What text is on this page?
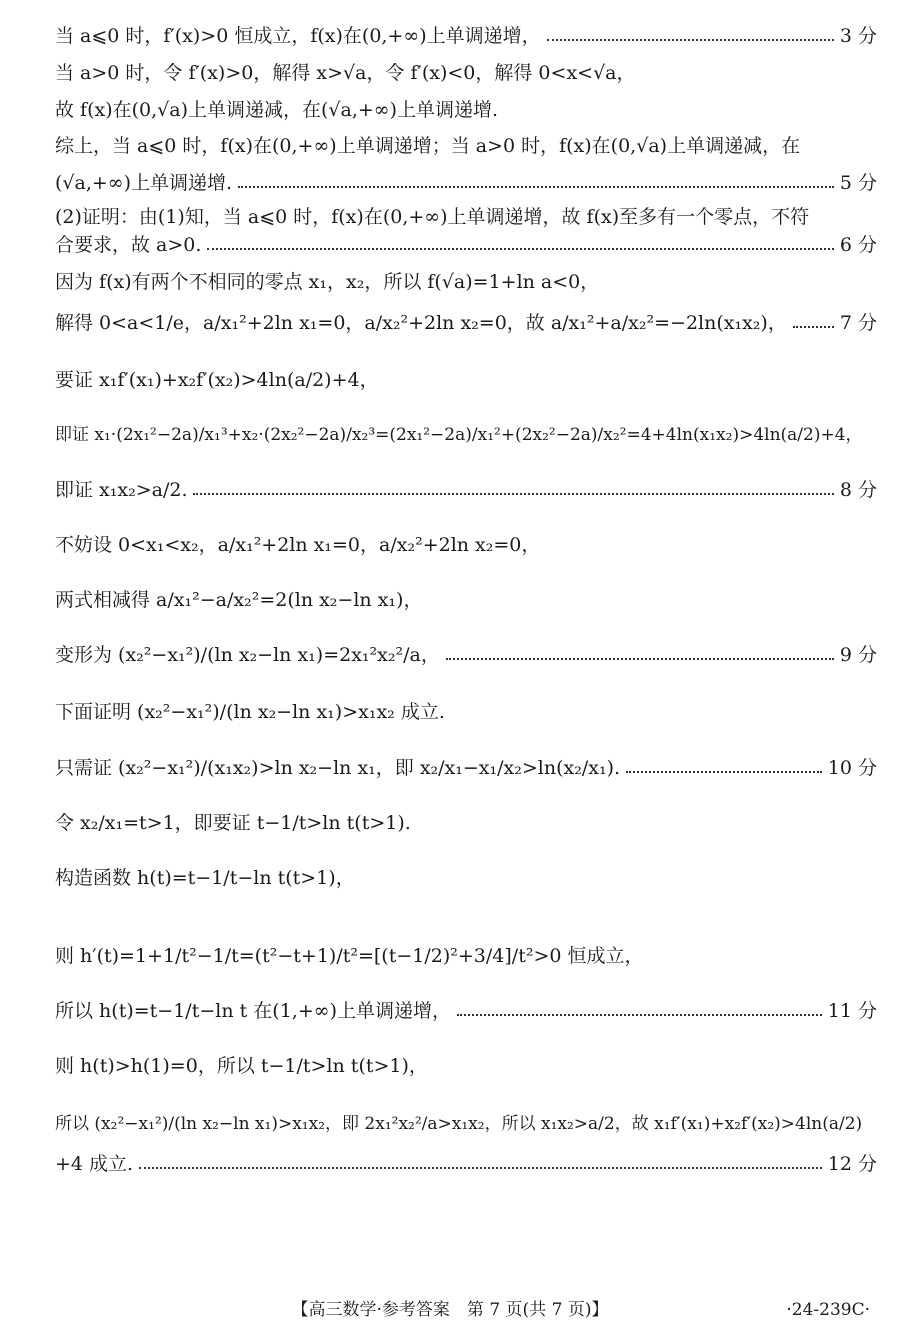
当 a⩽0 时，f′(x)>0 恒成立，f(x)在(0,+∞)上单调递增，	3 分
当 a>0 时，令 f′(x)>0，解得 x>√a，令 f′(x)<0，解得 0<x<√a，
故 f(x)在(0,√a)上单调递减，在(√a,+∞)上单调递增.
综上，当 a⩽0 时，f(x)在(0,+∞)上单调递增；当 a>0 时，f(x)在(0,√a)上单调递减，在
(√a,+∞)上单调递增.	5 分
(2)证明：由(1)知，当 a⩽0 时，f(x)在(0,+∞)上单调递增，故 f(x)至多有一个零点，不符
合要求，故 a>0.	6 分
因为 f(x)有两个不相同的零点 x₁，x₂，所以 f(√a)=1+ln a<0，
解得 0<a<1/e，a/x₁²+2ln x₁=0，a/x₂²+2ln x₂=0，故 a/x₁²+a/x₂²=−2ln(x₁x₂)，	7 分
要证 x₁f′(x₁)+x₂f′(x₂)>4ln(a/2)+4，
即证 x₁·(2x₁²−2a)/x₁³+x₂·(2x₂²−2a)/x₂³=(2x₁²−2a)/x₁²+(2x₂²−2a)/x₂²=4+4ln(x₁x₂)>4ln(a/2)+4，
即证 x₁x₂>a/2.	8 分
不妨设 0<x₁<x₂，a/x₁²+2ln x₁=0，a/x₂²+2ln x₂=0，
两式相减得 a/x₁²−a/x₂²=2(ln x₂−ln x₁)，
变形为 (x₂²−x₁²)/(ln x₂−ln x₁)=2x₁²x₂²/a，	9 分
下面证明 (x₂²−x₁²)/(ln x₂−ln x₁)>x₁x₂ 成立.
只需证 (x₂²−x₁²)/(x₁x₂)>ln x₂−ln x₁，即 x₂/x₁−x₁/x₂>ln(x₂/x₁).	10 分
令 x₂/x₁=t>1，即要证 t−1/t>ln t(t>1).
构造函数 h(t)=t−1/t−ln t(t>1)，
则 h′(t)=1+1/t²−1/t=(t²−t+1)/t²=[(t−1/2)²+3/4]/t²>0 恒成立，
所以 h(t)=t−1/t−ln t 在(1,+∞)上单调递增，	11 分
则 h(t)>h(1)=0，所以 t−1/t>ln t(t>1)，
所以 (x₂²−x₁²)/(ln x₂−ln x₁)>x₁x₂，即 2x₁²x₂²/a>x₁x₂，所以 x₁x₂>a/2，故 x₁f′(x₁)+x₂f′(x₂)>4ln(a/2)
+4 成立.	12 分
【高三数学·参考答案　第 7 页(共 7 页)】	·24-239C·
